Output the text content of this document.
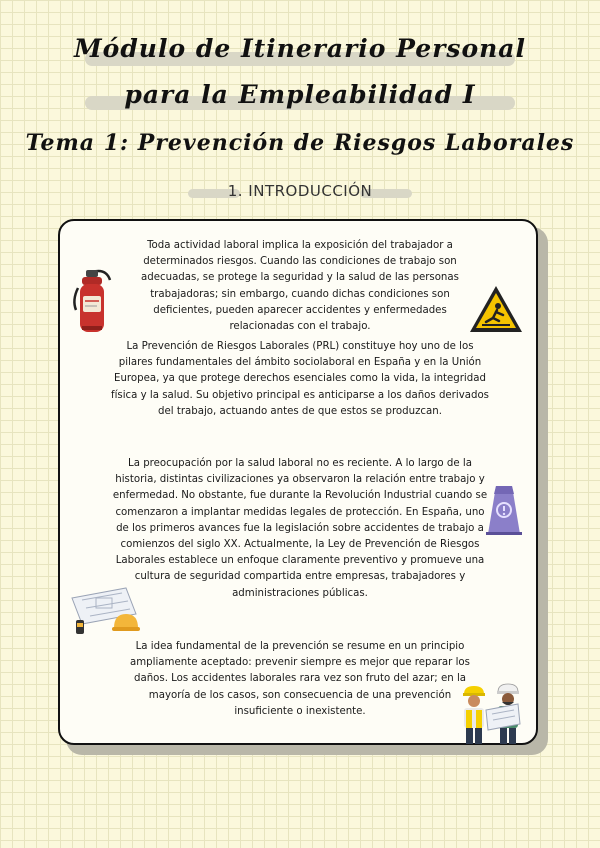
Módulo de Itinerario Personal
para la Empleabilidad I
Tema 1: Prevención de Riesgos Laborales
1. INTRODUCCIÓN

Toda actividad laboral implica la exposición del trabajador a determinados riesgos. Cuando las condiciones de trabajo son adecuadas, se protege la seguridad y la salud de las personas trabajadoras; sin embargo, cuando dichas condiciones son deficientes, pueden aparecer accidentes y enfermedades relacionadas con el trabajo.

La Prevención de Riesgos Laborales (PRL) constituye hoy uno de los pilares fundamentales del ámbito sociolaboral en España y en la Unión Europea, ya que protege derechos esenciales como la vida, la integridad física y la salud. Su objetivo principal es anticiparse a los daños derivados del trabajo, actuando antes de que estos se produzcan.

La preocupación por la salud laboral no es reciente. A lo largo de la historia, distintas civilizaciones ya observaron la relación entre trabajo y enfermedad. No obstante, fue durante la Revolución Industrial cuando se comenzaron a implantar medidas legales de protección. En España, uno de los primeros avances fue la legislación sobre accidentes de trabajo a comienzos del siglo XX. Actualmente, la Ley de Prevención de Riesgos Laborales establece un enfoque claramente preventivo y promueve una cultura de seguridad compartida entre empresas, trabajadores y administraciones públicas.

La idea fundamental de la prevención se resume en un principio ampliamente aceptado: prevenir siempre es mejor que reparar los daños. Los accidentes laborales rara vez son fruto del azar; en la mayoría de los casos, son consecuencia de una prevención insuficiente o inexistente.
